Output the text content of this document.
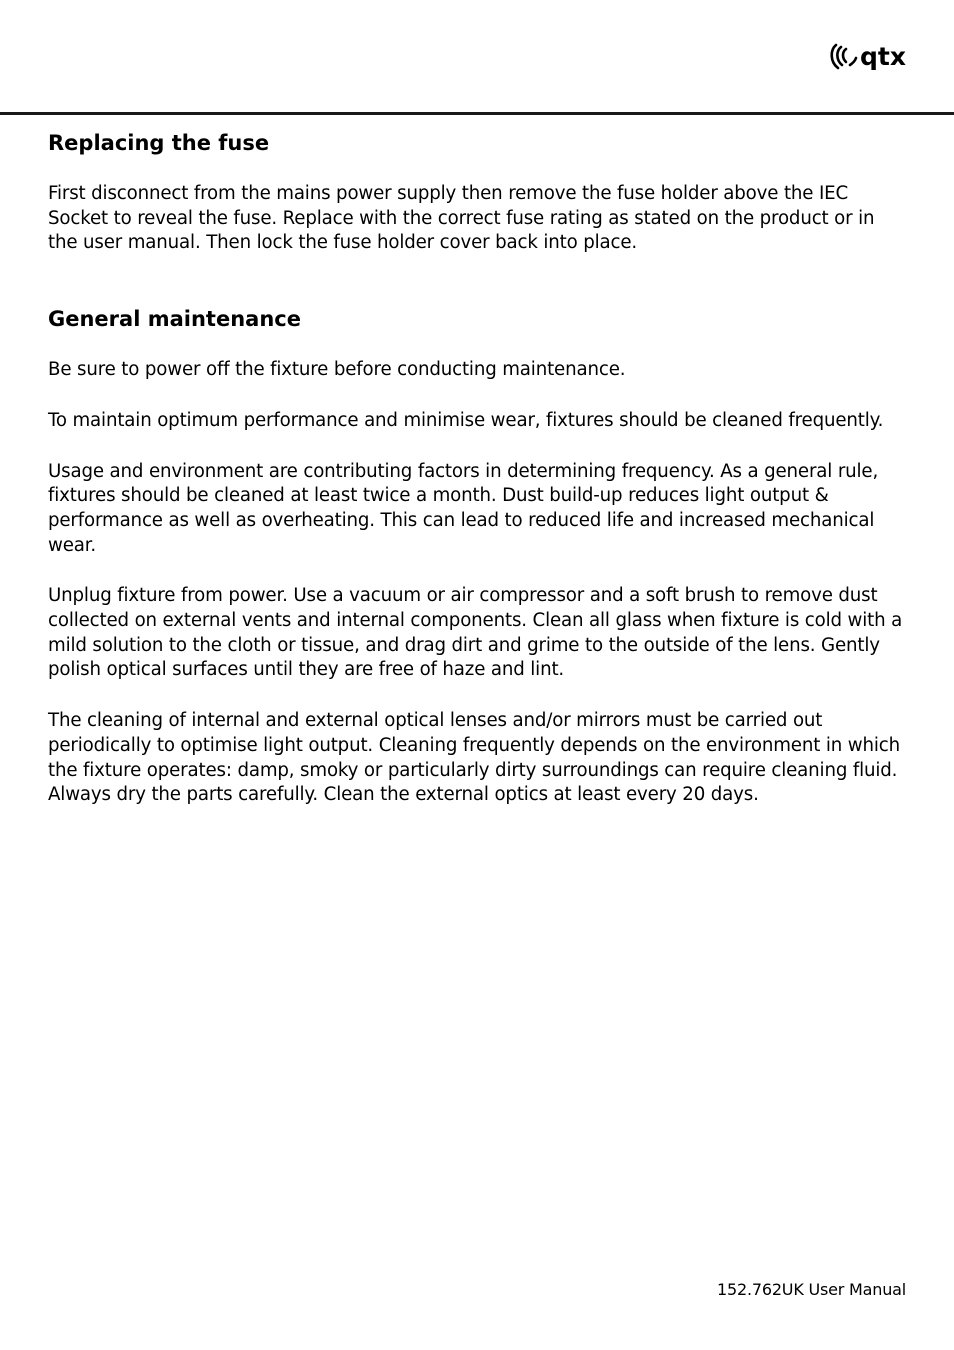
qtx
Replacing the fuse

First disconnect from the mains power supply then remove the fuse holder above the IEC Socket to reveal the fuse. Replace with the correct fuse rating as stated on the product or in the user manual. Then lock the fuse holder cover back into place.

General maintenance

Be sure to power off the fixture before conducting maintenance.

To maintain optimum performance and minimise wear, fixtures should be cleaned frequently.

Usage and environment are contributing factors in determining frequency. As a general rule, fixtures should be cleaned at least twice a month. Dust build-up reduces light output & performance as well as overheating. This can lead to reduced life and increased mechanical wear.

Unplug fixture from power. Use a vacuum or air compressor and a soft brush to remove dust collected on external vents and internal components. Clean all glass when fixture is cold with a mild solution to the cloth or tissue, and drag dirt and grime to the outside of the lens. Gently polish optical surfaces until they are free of haze and lint.

The cleaning of internal and external optical lenses and/or mirrors must be carried out periodically to optimise light output. Cleaning frequently depends on the environment in which the fixture operates: damp, smoky or particularly dirty surroundings can require cleaning fluid. Always dry the parts carefully. Clean the external optics at least every 20 days.

152.762UK User Manual
